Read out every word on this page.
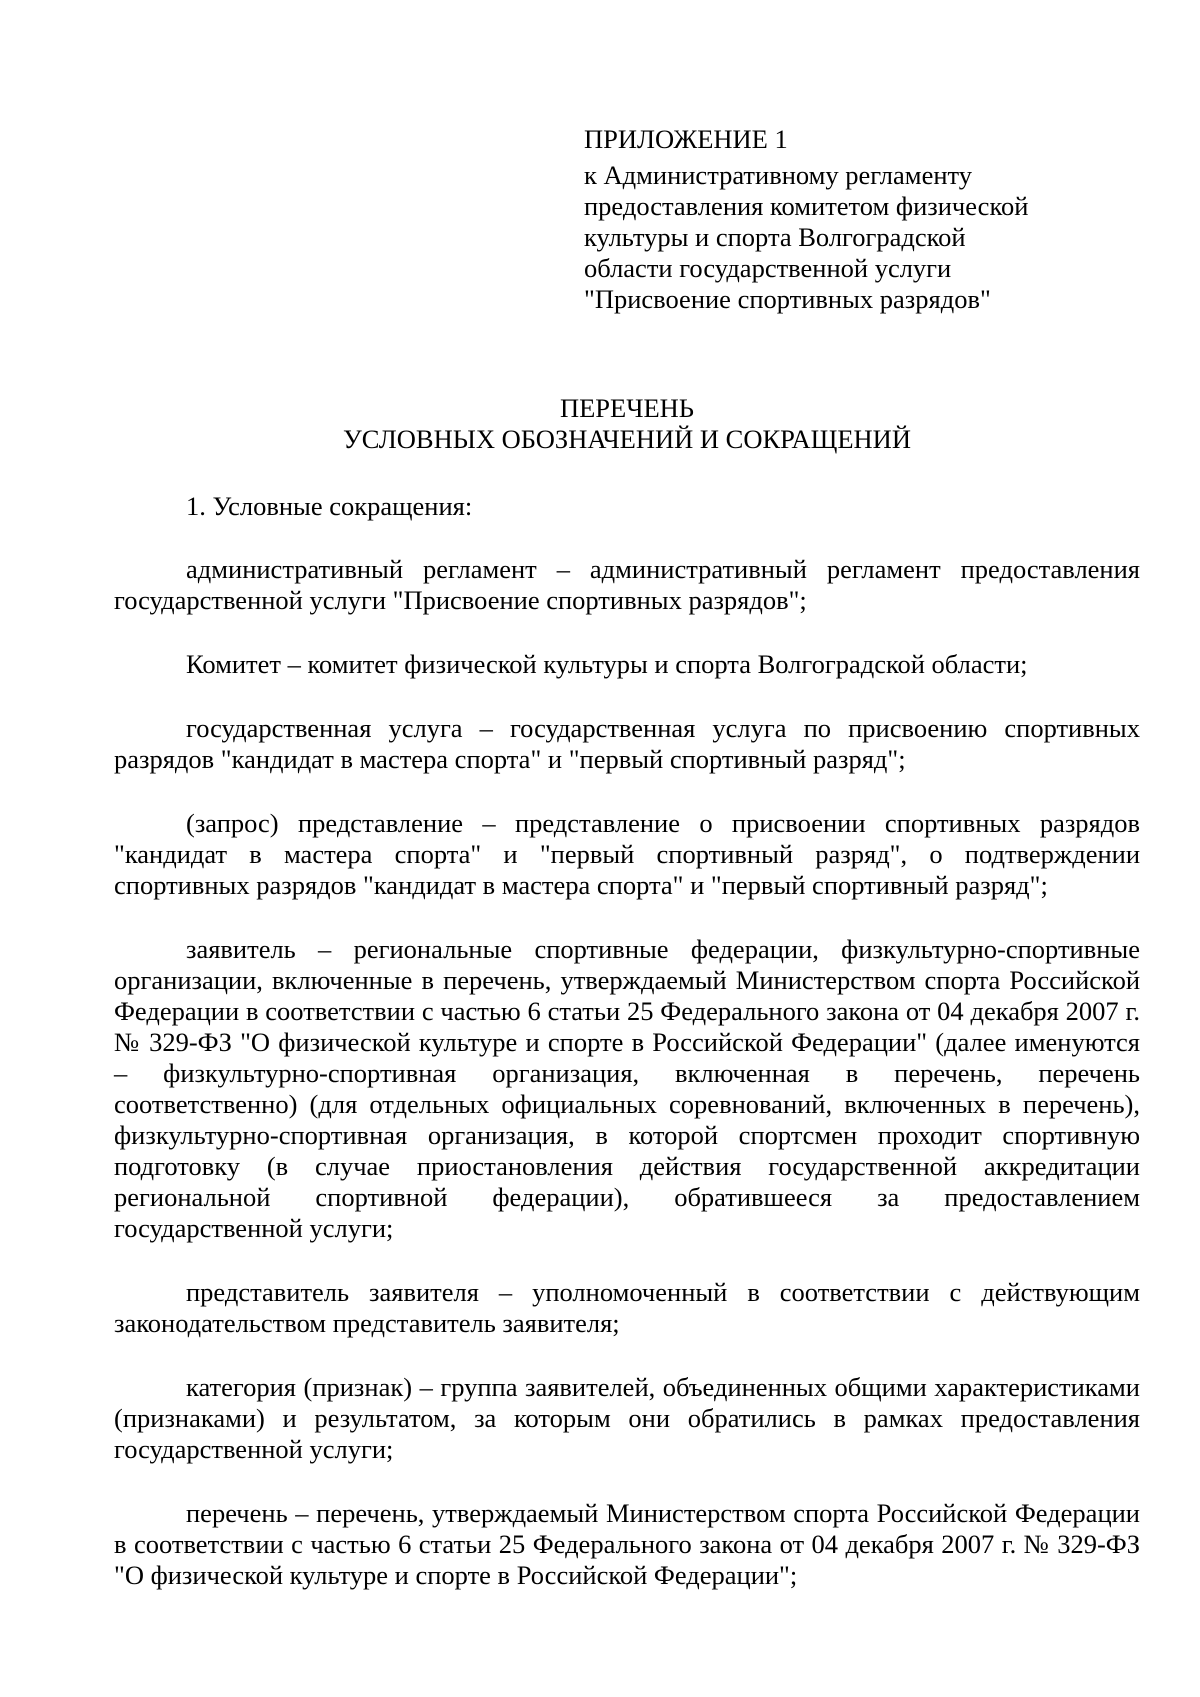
ПРИЛОЖЕНИЕ 1
к Административному регламенту
предоставления комитетом физической
культуры и спорта Волгоградской
области государственной услуги
"Присвоение спортивных разрядов"
ПЕРЕЧЕНЬ
УСЛОВНЫХ ОБОЗНАЧЕНИЙ И СОКРАЩЕНИЙ

1. Условные сокращения:

административный регламент – административный регламент предоставления государственной услуги "Присвоение спортивных разрядов";

Комитет – комитет физической культуры и спорта Волгоградской области;

государственная услуга – государственная услуга по присвоению спортивных разрядов "кандидат в мастера спорта" и "первый спортивный разряд";

(запрос) представление – представление о присвоении спортивных разрядов "кандидат в мастера спорта" и "первый спортивный разряд", о подтверждении спортивных разрядов "кандидат в мастера спорта" и "первый спортивный разряд";

заявитель – региональные спортивные федерации, физкультурно-спортивные организации, включенные в перечень, утверждаемый Министерством спорта Российской Федерации в соответствии с частью 6 статьи 25 Федерального закона от 04 декабря 2007 г. № 329-ФЗ "О физической культуре и спорте в Российской Федерации" (далее именуются – физкультурно-спортивная организация, включенная в перечень, перечень соответственно) (для отдельных официальных соревнований, включенных в перечень), физкультурно-спортивная организация, в которой спортсмен проходит спортивную подготовку (в случае приостановления действия государственной аккредитации региональной спортивной федерации), обратившееся за предоставлением государственной услуги;

представитель заявителя – уполномоченный в соответствии с действующим законодательством представитель заявителя;

категория (признак) – группа заявителей, объединенных общими характеристиками (признаками) и результатом, за которым они обратились в рамках предоставления государственной услуги;

перечень – перечень, утверждаемый Министерством спорта Российской Федерации в соответствии с частью 6 статьи 25 Федерального закона от 04 декабря 2007 г. № 329-ФЗ "О физической культуре и спорте в Российской Федерации";
